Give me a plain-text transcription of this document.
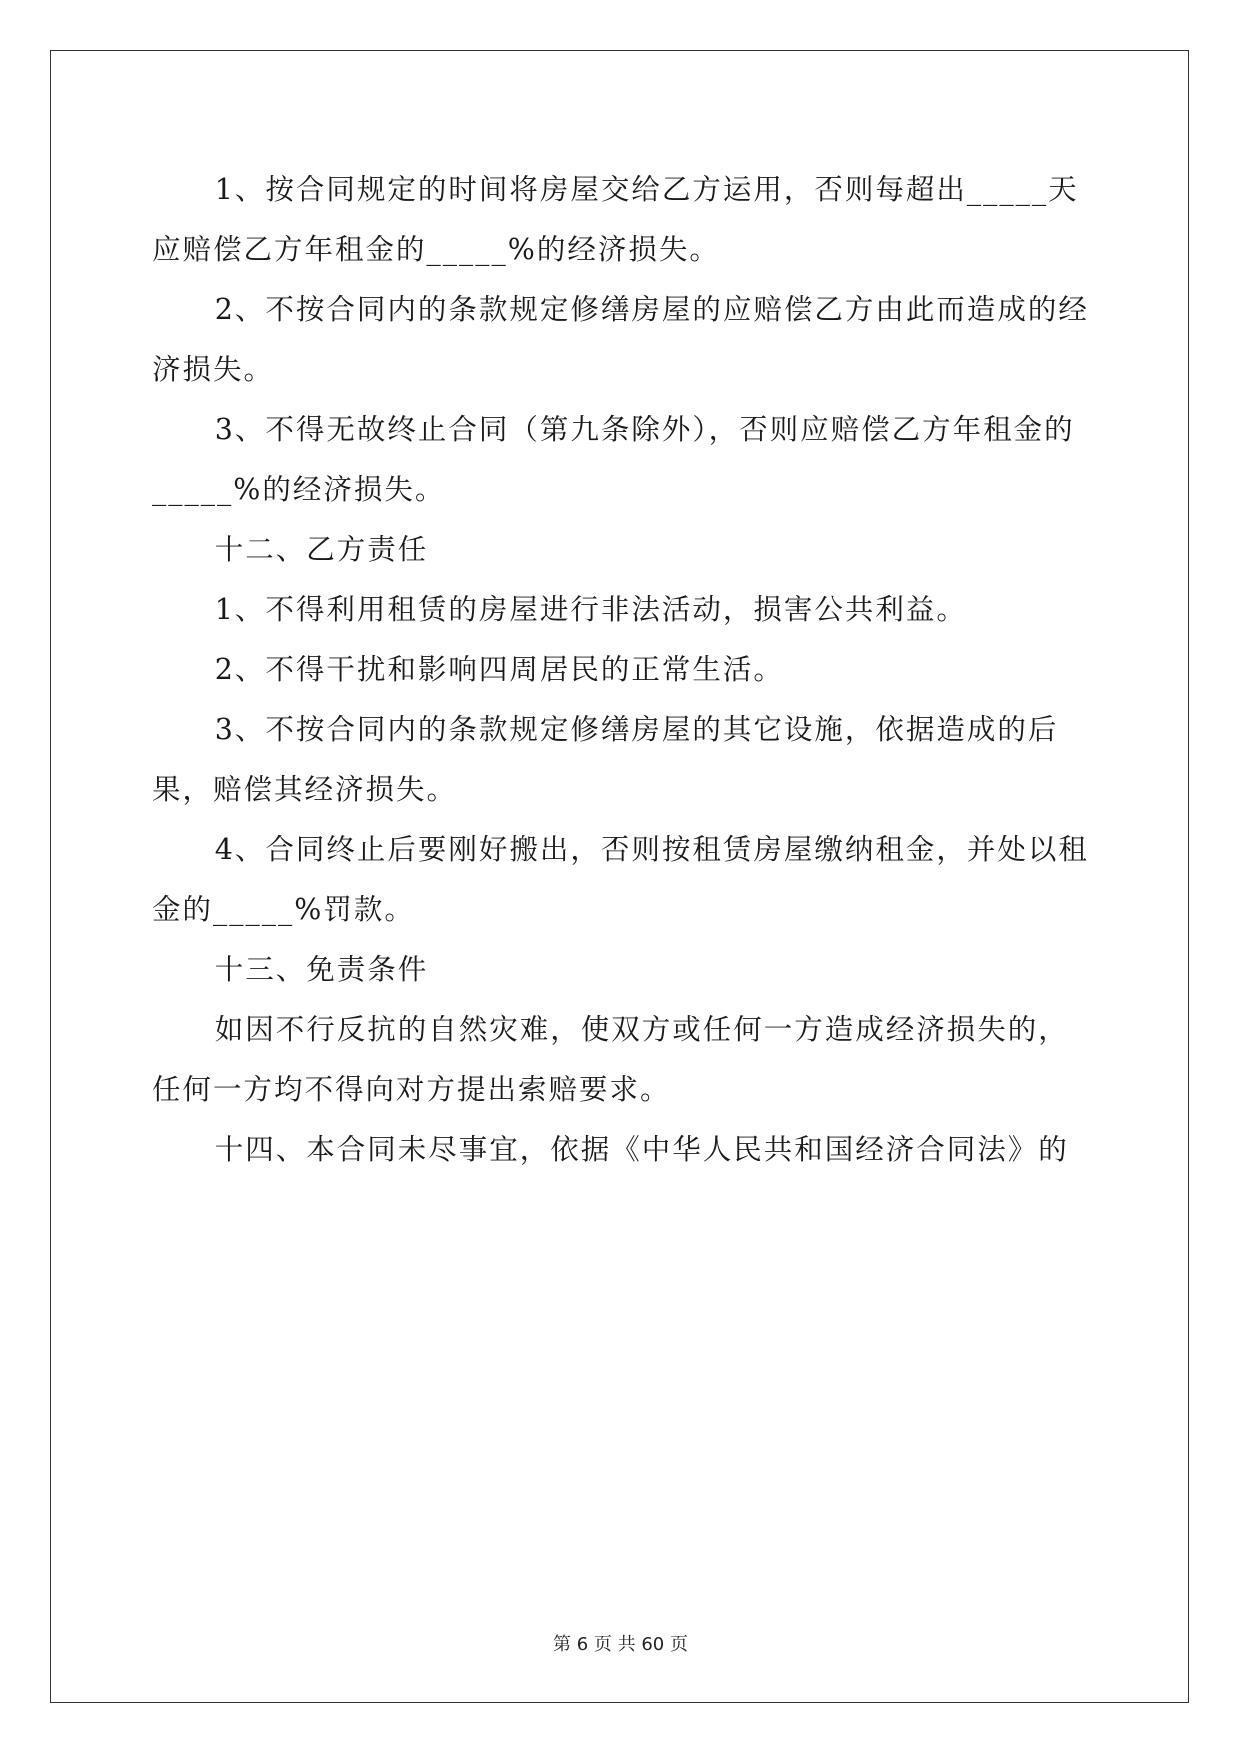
1、按合同规定的时间将房屋交给乙方运用，否则每超出_____天应赔偿乙方年租金的_____%的经济损失。

2、不按合同内的条款规定修缮房屋的应赔偿乙方由此而造成的经济损失。

3、不得无故终止合同（第九条除外），否则应赔偿乙方年租金的_____%的经济损失。

十二、乙方责任

1、不得利用租赁的房屋进行非法活动，损害公共利益。

2、不得干扰和影响四周居民的正常生活。

3、不按合同内的条款规定修缮房屋的其它设施，依据造成的后果，赔偿其经济损失。

4、合同终止后要刚好搬出，否则按租赁房屋缴纳租金，并处以租金的_____%罚款。

十三、免责条件

如因不行反抗的自然灾难，使双方或任何一方造成经济损失的，任何一方均不得向对方提出索赔要求。

十四、本合同未尽事宜，依据《中华人民共和国经济合同法》的

第 6 页 共 60 页
